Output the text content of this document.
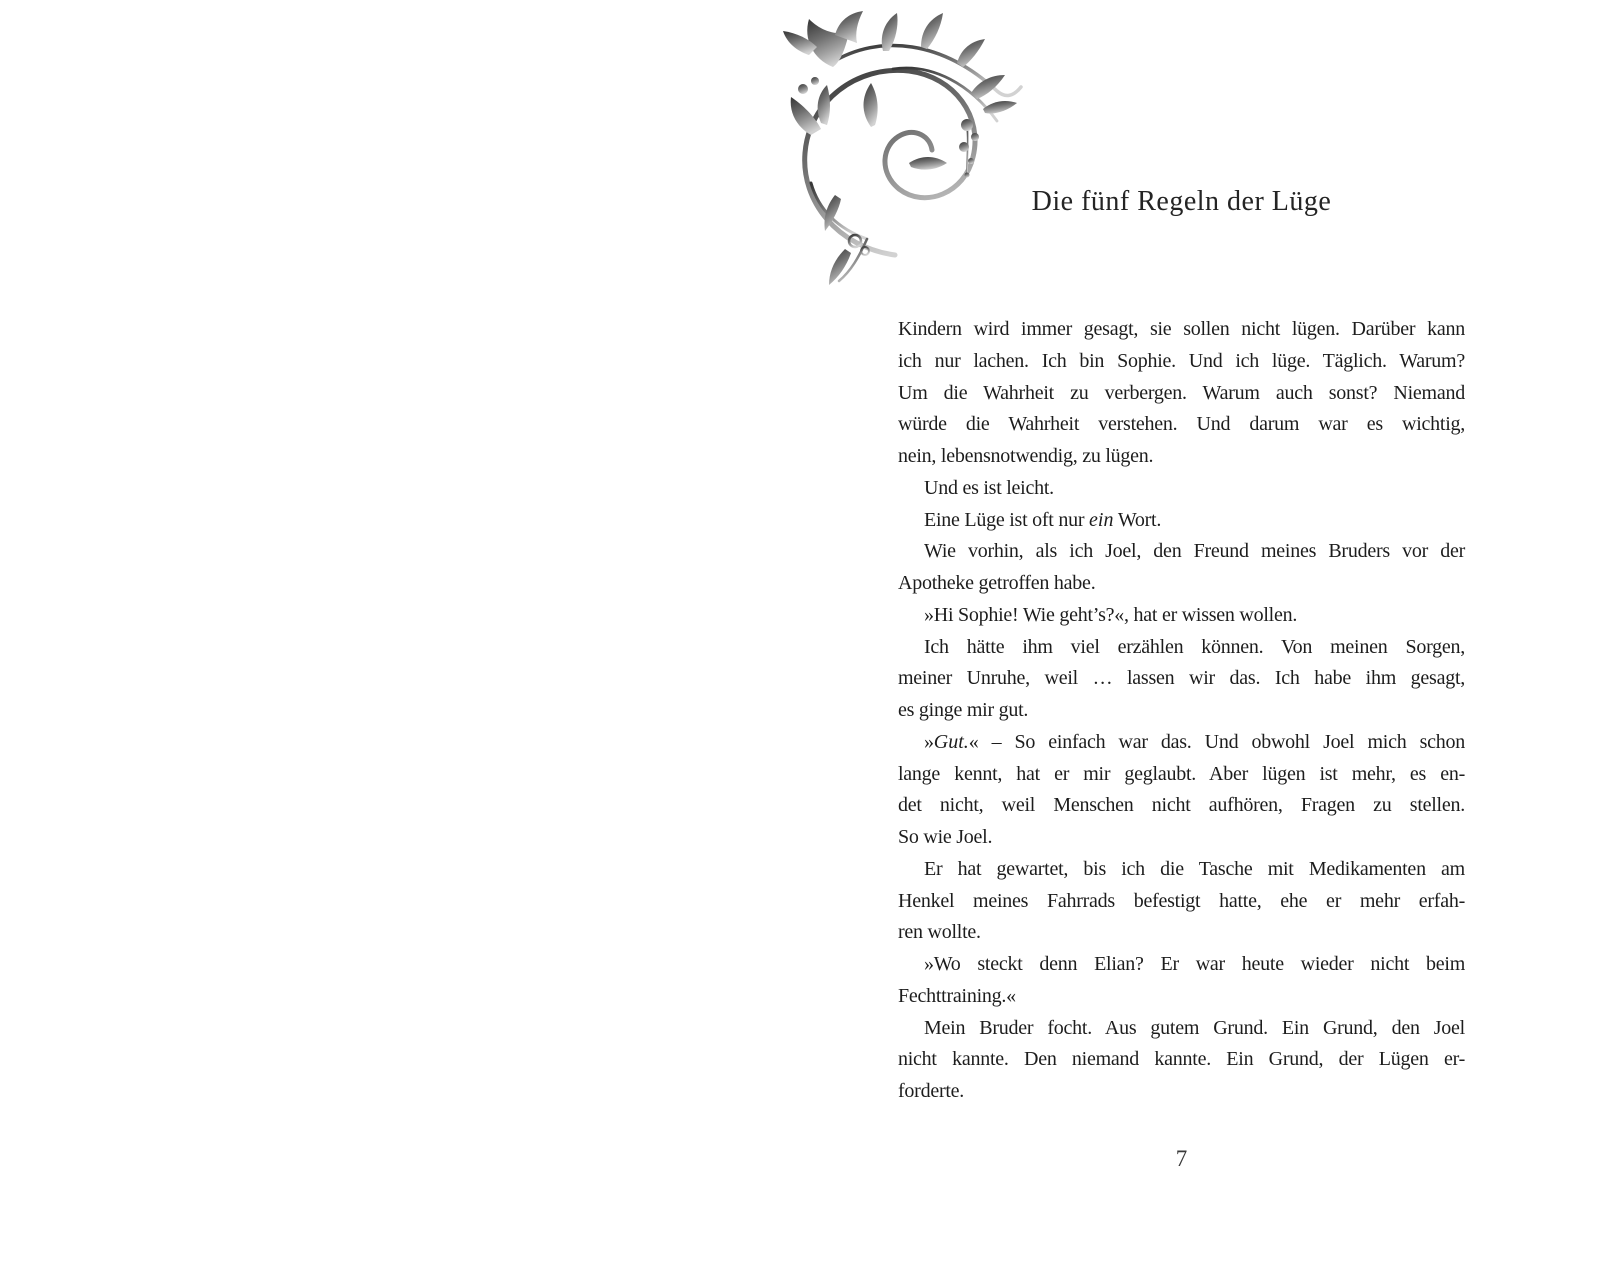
Die fünf Regeln der Lüge
Kindern wird immer gesagt, sie sollen nicht lügen. Darüber kann
ich nur lachen. Ich bin Sophie. Und ich lüge. Täglich. Warum?
Um die Wahrheit zu verbergen. Warum auch sonst? Niemand
würde die Wahrheit verstehen. Und darum war es wichtig,
nein, lebensnotwendig, zu lügen.
Und es ist leicht.
Eine Lüge ist oft nur ein Wort.
Wie vorhin, als ich Joel, den Freund meines Bruders vor der
Apotheke getroffen habe.
»Hi Sophie! Wie geht’s?«, hat er wissen wollen.
Ich hätte ihm viel erzählen können. Von meinen Sorgen,
meiner Unruhe, weil … lassen wir das. Ich habe ihm gesagt,
es ginge mir gut.
»Gut.« – So einfach war das. Und obwohl Joel mich schon
lange kennt, hat er mir geglaubt. Aber lügen ist mehr, es en-
det nicht, weil Menschen nicht aufhören, Fragen zu stellen.
So wie Joel.
Er hat gewartet, bis ich die Tasche mit Medikamenten am
Henkel meines Fahrrads befestigt hatte, ehe er mehr erfah-
ren wollte.
»Wo steckt denn Elian? Er war heute wieder nicht beim
Fechttraining.«
Mein Bruder focht. Aus gutem Grund. Ein Grund, den Joel
nicht kannte. Den niemand kannte. Ein Grund, der Lügen er-
forderte.
7
